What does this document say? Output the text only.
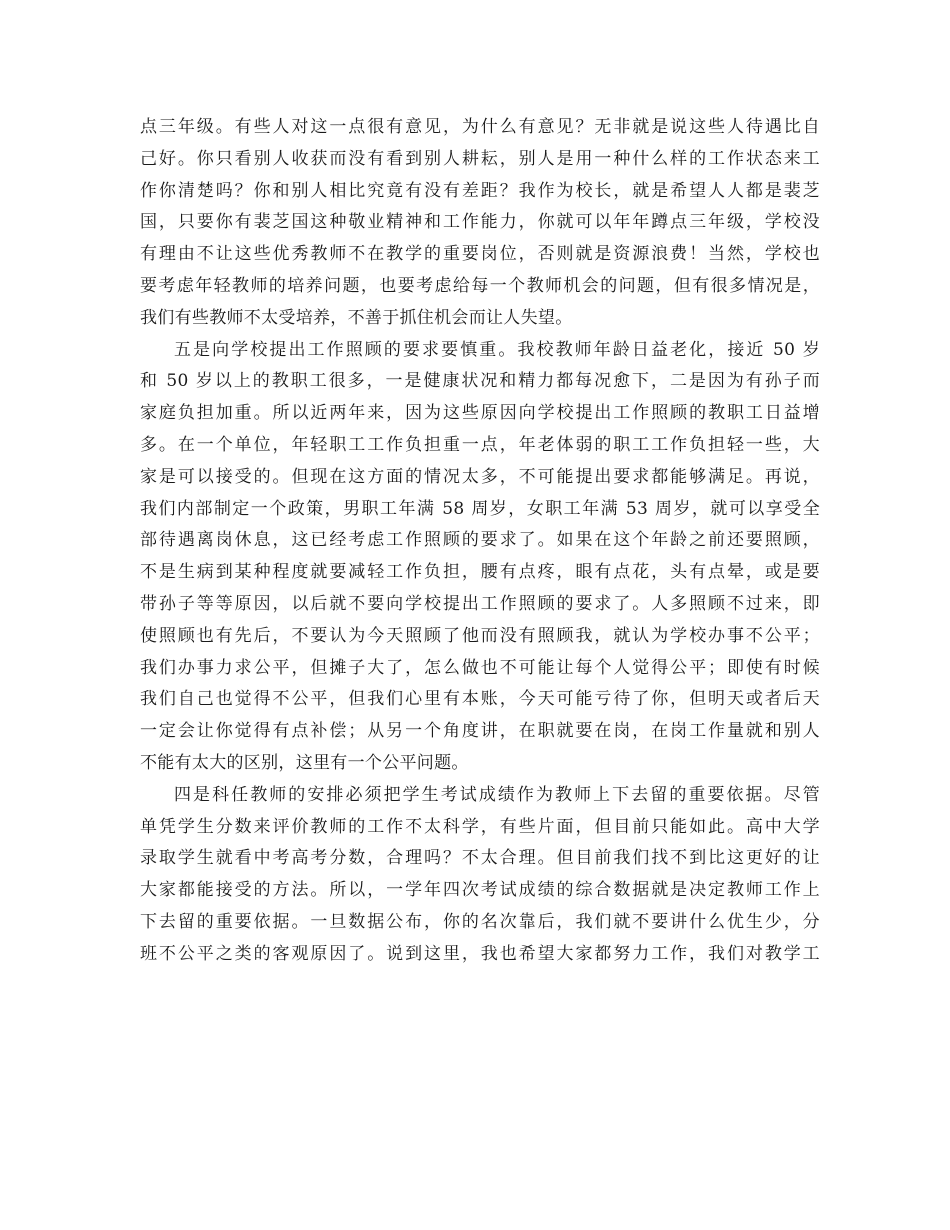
点三年级。有些人对这一点很有意见，为什么有意见？无非就是说这些人待遇比自
己好。你只看别人收获而没有看到别人耕耘，别人是用一种什么样的工作状态来工
作你清楚吗？你和别人相比究竟有没有差距？我作为校长，就是希望人人都是裴芝
国，只要你有裴芝国这种敬业精神和工作能力，你就可以年年蹲点三年级，学校没
有理由不让这些优秀教师不在教学的重要岗位，否则就是资源浪费！当然，学校也
要考虑年轻教师的培养问题，也要考虑给每一个教师机会的问题，但有很多情况是，
我们有些教师不太受培养，不善于抓住机会而让人失望。
五是向学校提出工作照顾的要求要慎重。我校教师年龄日益老化，接近 50 岁
和 50 岁以上的教职工很多，一是健康状况和精力都每况愈下，二是因为有孙子而
家庭负担加重。所以近两年来，因为这些原因向学校提出工作照顾的教职工日益增
多。在一个单位，年轻职工工作负担重一点，年老体弱的职工工作负担轻一些，大
家是可以接受的。但现在这方面的情况太多，不可能提出要求都能够满足。再说，
我们内部制定一个政策，男职工年满 58 周岁，女职工年满 53 周岁，就可以享受全
部待遇离岗休息，这已经考虑工作照顾的要求了。如果在这个年龄之前还要照顾，
不是生病到某种程度就要减轻工作负担，腰有点疼，眼有点花，头有点晕，或是要
带孙子等等原因，以后就不要向学校提出工作照顾的要求了。人多照顾不过来，即
使照顾也有先后，不要认为今天照顾了他而没有照顾我，就认为学校办事不公平；
我们办事力求公平，但摊子大了，怎么做也不可能让每个人觉得公平；即使有时候
我们自己也觉得不公平，但我们心里有本账，今天可能亏待了你，但明天或者后天
一定会让你觉得有点补偿；从另一个角度讲，在职就要在岗，在岗工作量就和别人
不能有太大的区别，这里有一个公平问题。
四是科任教师的安排必须把学生考试成绩作为教师上下去留的重要依据。尽管
单凭学生分数来评价教师的工作不太科学，有些片面，但目前只能如此。高中大学
录取学生就看中考高考分数，合理吗？不太合理。但目前我们找不到比这更好的让
大家都能接受的方法。所以，一学年四次考试成绩的综合数据就是决定教师工作上
下去留的重要依据。一旦数据公布，你的名次靠后，我们就不要讲什么优生少，分
班不公平之类的客观原因了。说到这里，我也希望大家都努力工作，我们对教学工
